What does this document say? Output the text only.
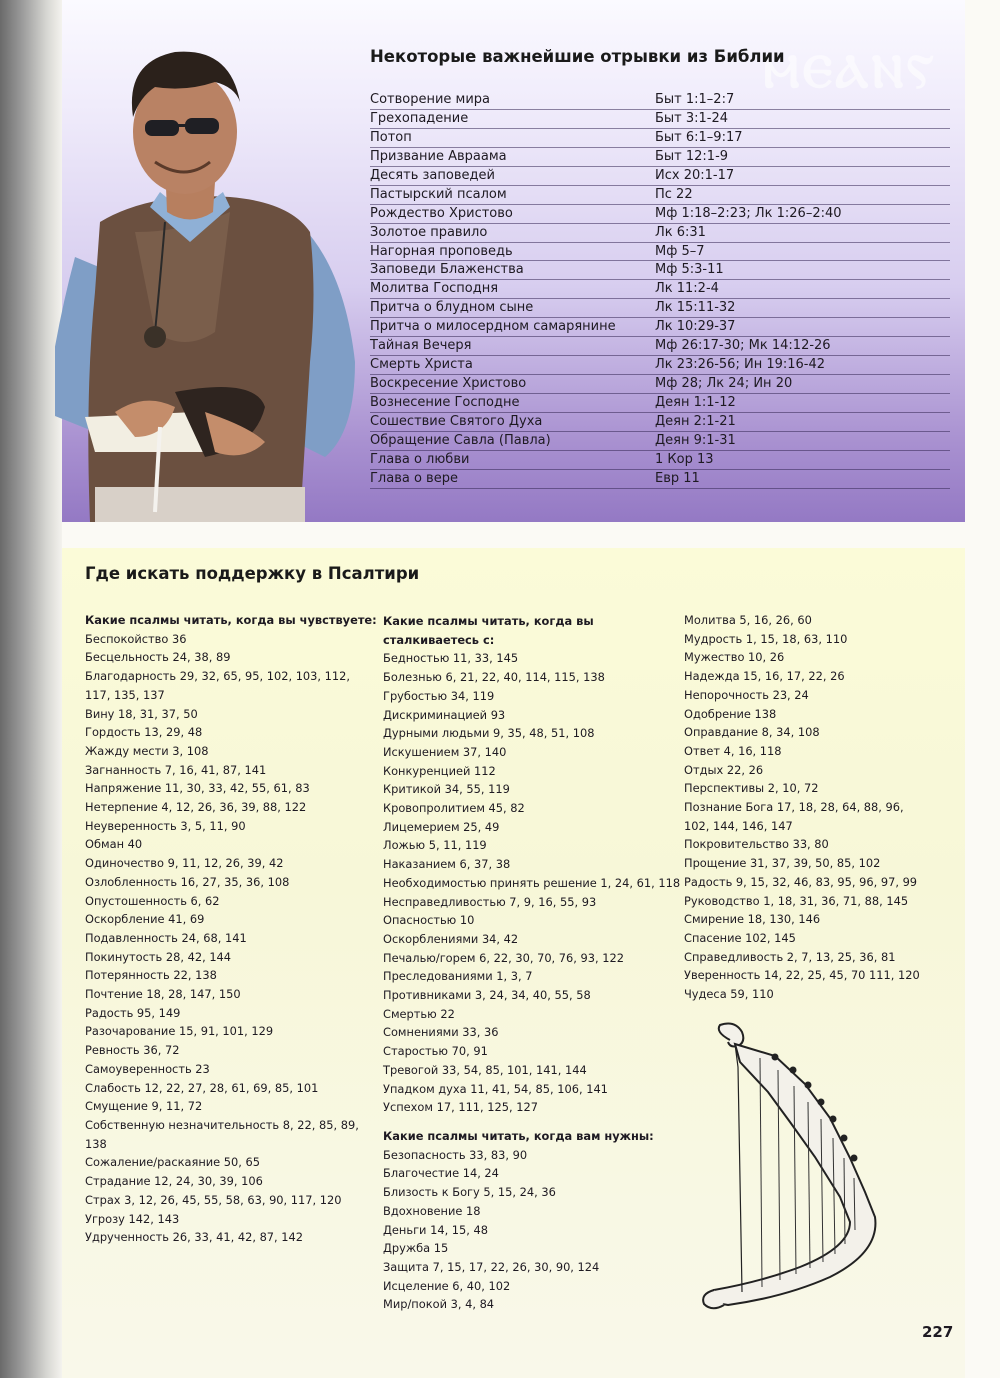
ⲘⲈⲀⲚⲊ
Некоторые важнейшие отрывки из Библии
Сотворение мира	Быт 1:1–2:7
Грехопадение	Быт 3:1-24
Потоп	Быт 6:1–9:17
Призвание Авраама	Быт 12:1-9
Десять заповедей	Исх 20:1-17
Пастырский псалом	Пс 22
Рождество Христово	Мф 1:18–2:23; Лк 1:26–2:40
Золотое правило	Лк 6:31
Нагорная проповедь	Мф 5–7
Заповеди Блаженства	Мф 5:3-11
Молитва Господня	Лк 11:2-4
Притча о блудном сыне	Лк 15:11-32
Притча о милосердном самарянине	Лк 10:29-37
Тайная Вечеря	Мф 26:17-30; Мк 14:12-26
Смерть Христа	Лк 23:26-56; Ин 19:16-42
Воскресение Христово	Мф 28; Лк 24; Ин 20
Вознесение Господне	Деян 1:1-12
Сошествие Святого Духа	Деян 2:1-21
Обращение Савла (Павла)	Деян 9:1-31
Глава о любви	1 Кор 13
Глава о вере	Евр 11
Где искать поддержку в Псалтири
Какие псалмы читать, когда вы чувствуете:
Беспокойство 36
Бесцельность 24, 38, 89
Благодарность 29, 32, 65, 95, 102, 103, 112,
117, 135, 137
Вину 18, 31, 37, 50
Гордость 13, 29, 48
Жажду мести 3, 108
Загнанность 7, 16, 41, 87, 141
Напряжение 11, 30, 33, 42, 55, 61, 83
Нетерпение 4, 12, 26, 36, 39, 88, 122
Неуверенность 3, 5, 11, 90
Обман 40
Одиночество 9, 11, 12, 26, 39, 42
Озлобленность 16, 27, 35, 36, 108
Опустошенность 6, 62
Оскорбление 41, 69
Подавленность 24, 68, 141
Покинутость 28, 42, 144
Потерянность 22, 138
Почтение 18, 28, 147, 150
Радость 95, 149
Разочарование 15, 91, 101, 129
Ревность 36, 72
Самоуверенность 23
Слабость 12, 22, 27, 28, 61, 69, 85, 101
Смущение 9, 11, 72
Собственную незначительность 8, 22, 85, 89,
138
Сожаление/раскаяние 50, 65
Страдание 12, 24, 30, 39, 106
Страх 3, 12, 26, 45, 55, 58, 63, 90, 117, 120
Угрозу 142, 143
Удрученность 26, 33, 41, 42, 87, 142
Какие псалмы читать, когда вы
сталкиваетесь с:
Бедностью 11, 33, 145
Болезнью 6, 21, 22, 40, 114, 115, 138
Грубостью 34, 119
Дискриминацией 93
Дурными людьми 9, 35, 48, 51, 108
Искушением 37, 140
Конкуренцией 112
Критикой 34, 55, 119
Кровопролитием 45, 82
Лицемерием 25, 49
Ложью 5, 11, 119
Наказанием 6, 37, 38
Необходимостью принять решение 1, 24, 61, 118
Несправедливостью 7, 9, 16, 55, 93
Опасностью 10
Оскорблениями 34, 42
Печалью/горем 6, 22, 30, 70, 76, 93, 122
Преследованиями 1, 3, 7
Противниками 3, 24, 34, 40, 55, 58
Смертью 22
Сомнениями 33, 36
Старостью 70, 91
Тревогой 33, 54, 85, 101, 141, 144
Упадком духа 11, 41, 54, 85, 106, 141
Успехом 17, 111, 125, 127
Какие псалмы читать, когда вам нужны:
Безопасность 33, 83, 90
Благочестие 14, 24
Близость к Богу 5, 15, 24, 36
Вдохновение 18
Деньги 14, 15, 48
Дружба 15
Защита 7, 15, 17, 22, 26, 30, 90, 124
Исцеление 6, 40, 102
Мир/покой 3, 4, 84
Молитва 5, 16, 26, 60
Мудрость 1, 15, 18, 63, 110
Мужество 10, 26
Надежда 15, 16, 17, 22, 26
Непорочность 23, 24
Одобрение 138
Оправдание 8, 34, 108
Ответ 4, 16, 118
Отдых 22, 26
Перспективы 2, 10, 72
Познание Бога 17, 18, 28, 64, 88, 96,
102, 144, 146, 147
Покровительство 33, 80
Прощение 31, 37, 39, 50, 85, 102
Радость 9, 15, 32, 46, 83, 95, 96, 97, 99
Руководство 1, 18, 31, 36, 71, 88, 145
Смирение 18, 130, 146
Спасение 102, 145
Справедливость 2, 7, 13, 25, 36, 81
Уверенность 14, 22, 25, 45, 70 111, 120
Чудеса 59, 110
227
